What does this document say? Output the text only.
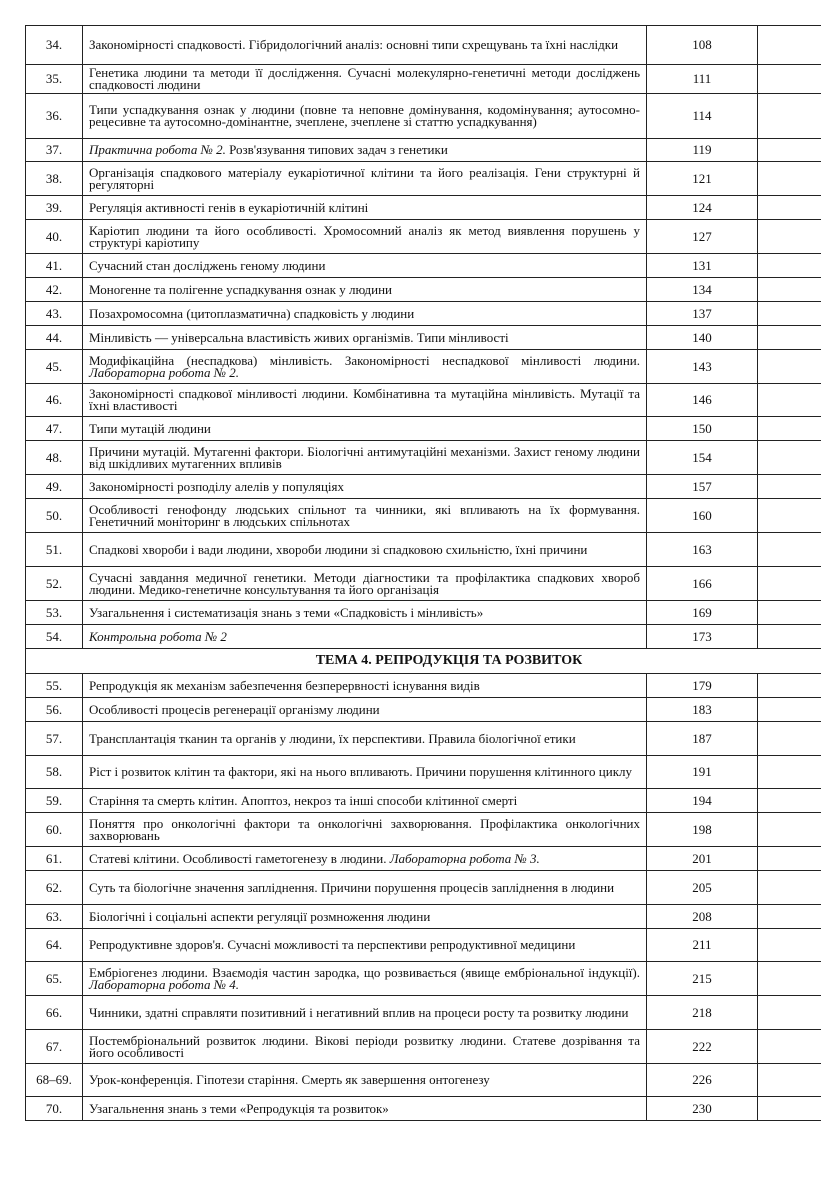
34.	Закономірності спадковості. Гібридологічний аналіз: основні типи схрещувань та їхні наслідки	108	
35.	Генетика людини та методи її дослідження. Сучасні молекулярно-генетичні методи досліджень спадковості людини	111	
36.	Типи успадкування ознак у людини (повне та неповне домінування, кодомінування; аутосомно-рецесивне та аутосомно-домінантне, зчеплене, зчеплене зі статтю успадкування)	114	
37.	Практична робота № 2. Розв'язування типових задач з генетики	119	
38.	Організація спадкового матеріалу еукаріотичної клітини та його реалізація. Гени структурні й регуляторні	121	
39.	Регуляція активності генів в еукаріотичній клітині	124	
40.	Каріотип людини та його особливості. Хромосомний аналіз як метод виявлення порушень у структурі каріотипу	127	
41.	Сучасний стан досліджень геному людини	131	
42.	Моногенне та полігенне успадкування ознак у людини	134	
43.	Позахромосомна (цитоплазматична) спадковість у людини	137	
44.	Мінливість — універсальна властивість живих організмів. Типи мінливості	140	
45.	Модифікаційна (неспадкова) мінливість. Закономірності неспадкової мінливості людини. Лабораторна робота № 2.	143	
46.	Закономірності спадкової мінливості людини. Комбінативна та мутаційна мінливість. Мутації та їхні властивості	146	
47.	Типи мутацій людини	150	
48.	Причини мутацій. Мутагенні фактори. Біологічні антимутаційні механізми. Захист геному людини від шкідливих мутагенних впливів	154	
49.	Закономірності розподілу алелів у популяціях	157	
50.	Особливості генофонду людських спільнот та чинники, які впливають на їх формування. Генетичний моніторинг в людських спільнотах	160	
51.	Спадкові хвороби і вади людини, хвороби людини зі спадковою схильністю, їхні причини	163	
52.	Сучасні завдання медичної генетики. Методи діагностики та профілактика спадкових хвороб людини. Медико-генетичне консультування та його організація	166	
53.	Узагальнення і систематизація знань з теми «Спадковість і мінливість»	169	
54.	Контрольна робота № 2	173	
ТЕМА 4. РЕПРОДУКЦІЯ ТА РОЗВИТОК			
55.	Репродукція як механізм забезпечення безперервності існування видів	179	
56.	Особливості процесів регенерації організму людини	183	
57.	Трансплантація тканин та органів у людини, їх перспективи. Правила біологічної етики	187	
58.	Ріст і розвиток клітин та фактори, які на нього впливають. Причини порушення клітинного циклу	191	
59.	Старіння та смерть клітин. Апоптоз, некроз та інші способи клітинної смерті	194	
60.	Поняття про онкологічні фактори та онкологічні захворювання. Профілактика онкологічних захворювань	198	
61.	Статеві клітини. Особливості гаметогенезу в людини. Лабораторна робота № 3.	201	
62.	Суть та біологічне значення запліднення. Причини порушення процесів запліднення в людини	205	
63.	Біологічні і соціальні аспекти регуляції розмноження людини	208	
64.	Репродуктивне здоров'я. Сучасні можливості та перспективи репродуктивної медицини	211	
65.	Ембріогенез людини. Взаємодія частин зародка, що розвивається (явище ембріональної індукції). Лабораторна робота № 4.	215	
66.	Чинники, здатні справляти позитивний і негативний вплив на процеси росту та розвитку людини	218	
67.	Постембріональний розвиток людини. Вікові періоди розвитку людини. Статеве дозрівання та його особливості	222	
68–69.	Урок-конференція. Гіпотези старіння. Смерть як завершення онтогенезу	226	
70.	Узагальнення знань з теми «Репродукція та розвиток»	230	
